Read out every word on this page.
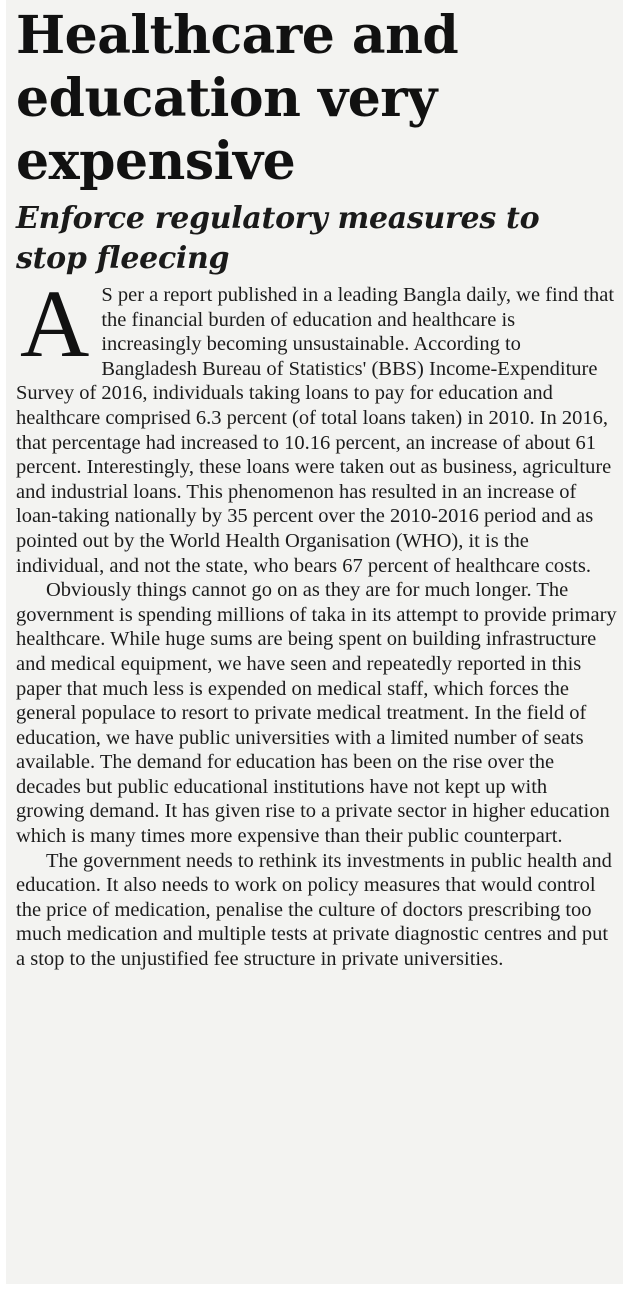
Healthcare and education very expensive
Enforce regulatory measures to stop fleecing

A S per a report published in a leading Bangla daily, we find that the financial burden of education and healthcare is increasingly becoming unsustainable. According to Bangladesh Bureau of Statistics' (BBS) Income-Expenditure Survey of 2016, individuals taking loans to pay for education and healthcare comprised 6.3 percent (of total loans taken) in 2010. In 2016, that percentage had increased to 10.16 percent, an increase of about 61 percent. Interestingly, these loans were taken out as business, agriculture and industrial loans. This phenomenon has resulted in an increase of loan-taking nationally by 35 percent over the 2010-2016 period and as pointed out by the World Health Organisation (WHO), it is the individual, and not the state, who bears 67 percent of healthcare costs.

Obviously things cannot go on as they are for much longer. The government is spending millions of taka in its attempt to provide primary healthcare. While huge sums are being spent on building infrastructure and medical equipment, we have seen and repeatedly reported in this paper that much less is expended on medical staff, which forces the general populace to resort to private medical treatment. In the field of education, we have public universities with a limited number of seats available. The demand for education has been on the rise over the decades but public educational institutions have not kept up with growing demand. It has given rise to a private sector in higher education which is many times more expensive than their public counterpart.

The government needs to rethink its investments in public health and education. It also needs to work on policy measures that would control the price of medication, penalise the culture of doctors prescribing too much medication and multiple tests at private diagnostic centres and put a stop to the unjustified fee structure in private universities.
